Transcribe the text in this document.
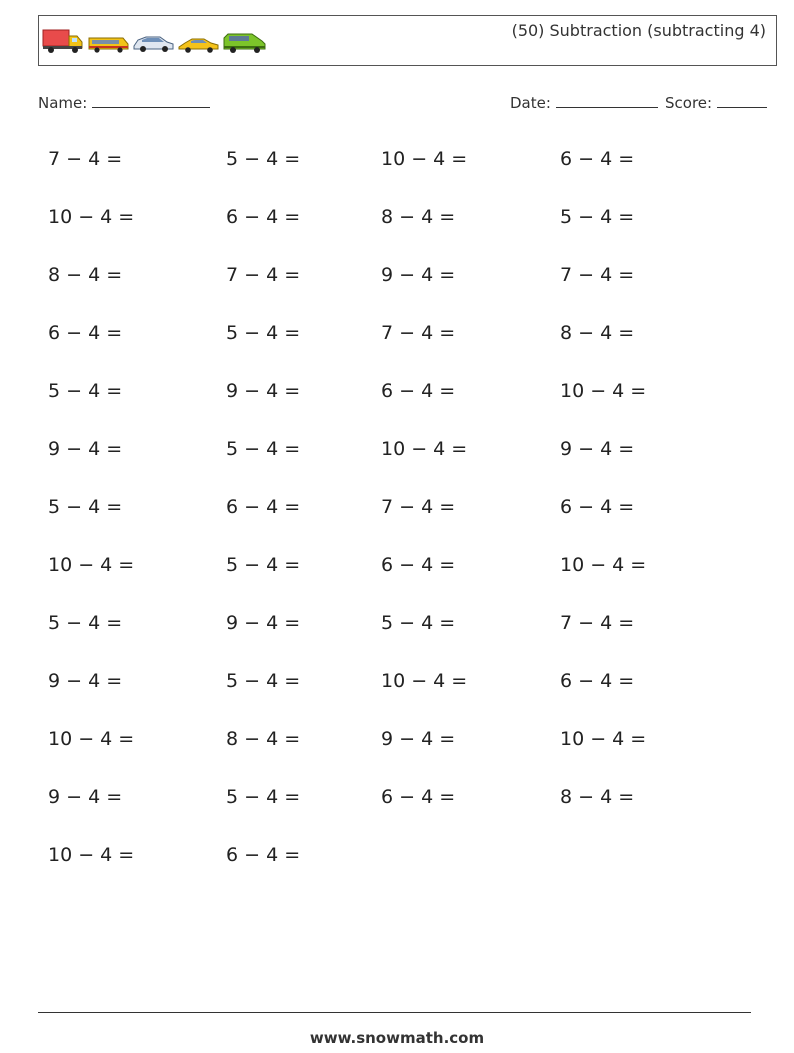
(50) Subtraction (subtracting 4)
Name:	Date:	Score:
7 − 4 =	5 − 4 =	10 − 4 =	6 − 4 =
10 − 4 =	6 − 4 =	8 − 4 =	5 − 4 =
8 − 4 =	7 − 4 =	9 − 4 =	7 − 4 =
6 − 4 =	5 − 4 =	7 − 4 =	8 − 4 =
5 − 4 =	9 − 4 =	6 − 4 =	10 − 4 =
9 − 4 =	5 − 4 =	10 − 4 =	9 − 4 =
5 − 4 =	6 − 4 =	7 − 4 =	6 − 4 =
10 − 4 =	5 − 4 =	6 − 4 =	10 − 4 =
5 − 4 =	9 − 4 =	5 − 4 =	7 − 4 =
9 − 4 =	5 − 4 =	10 − 4 =	6 − 4 =
10 − 4 =	8 − 4 =	9 − 4 =	10 − 4 =
9 − 4 =	5 − 4 =	6 − 4 =	8 − 4 =
10 − 4 =	6 − 4 =
www.snowmath.com
